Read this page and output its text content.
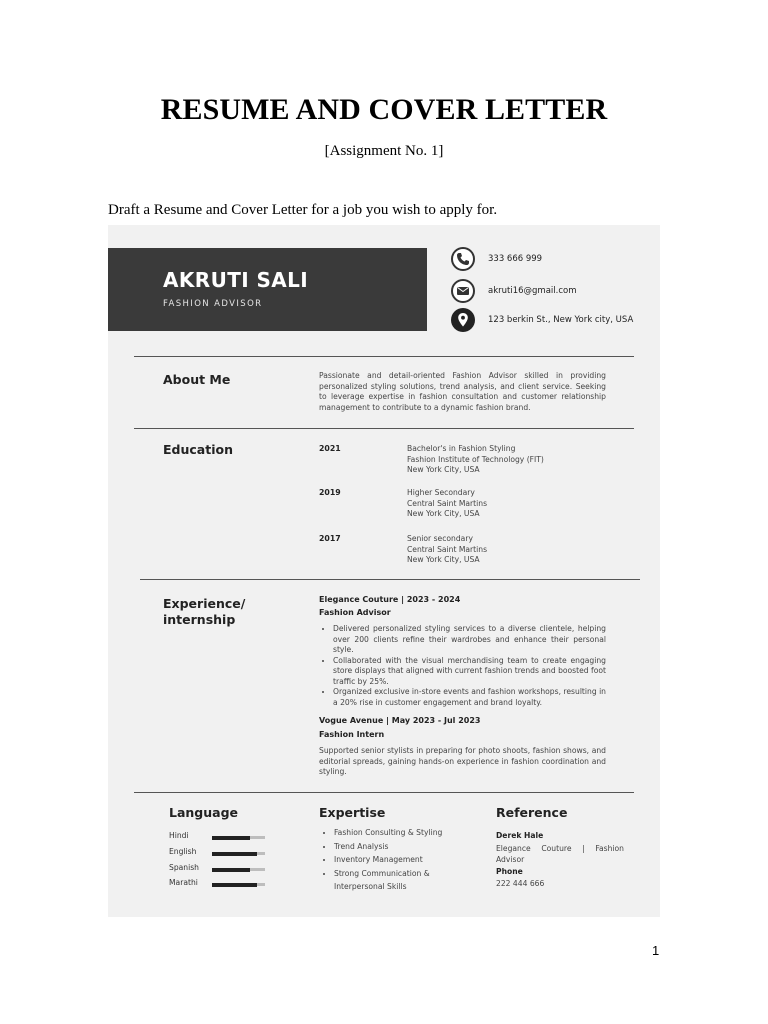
RESUME AND COVER LETTER
[Assignment No. 1]
Draft a Resume and Cover Letter for a job you wish to apply for.
AKRUTI SALI
FASHION ADVISOR
333 666 999
akruti16@gmail.com
123 berkin St., New York city, USA
About Me	Passionate and detail-oriented Fashion Advisor skilled in providing personalized styling solutions, trend analysis, and client service. Seeking to leverage expertise in fashion consultation and customer relationship management to contribute to a dynamic fashion brand.
Education	2021	Bachelor's in Fashion Styling
Fashion Institute of Technology (FIT)
New York City, USA
2019	Higher Secondary
Central Saint Martins
New York City, USA
2017	Senior secondary
Central Saint Martins
New York City, USA
Experience/
internship
Elegance Couture | 2023 - 2024
Fashion Advisor
• Delivered personalized styling services to a diverse clientele, helping over 200 clients refine their wardrobes and enhance their personal style.
• Collaborated with the visual merchandising team to create engaging store displays that aligned with current fashion trends and boosted foot traffic by 25%.
• Organized exclusive in-store events and fashion workshops, resulting in a 20% rise in customer engagement and brand loyalty.
Vogue Avenue | May 2023 - Jul 2023
Fashion Intern
Supported senior stylists in preparing for photo shoots, fashion shows, and editorial spreads, gaining hands-on experience in fashion coordination and styling.
Language
Hindi
English
Spanish
Marathi
Expertise
• Fashion Consulting & Styling
• Trend Analysis
• Inventory Management
• Strong Communication & Interpersonal Skills
Reference
Derek Hale
Elegance Couture | Fashion Advisor
Phone
222 444 666
1
